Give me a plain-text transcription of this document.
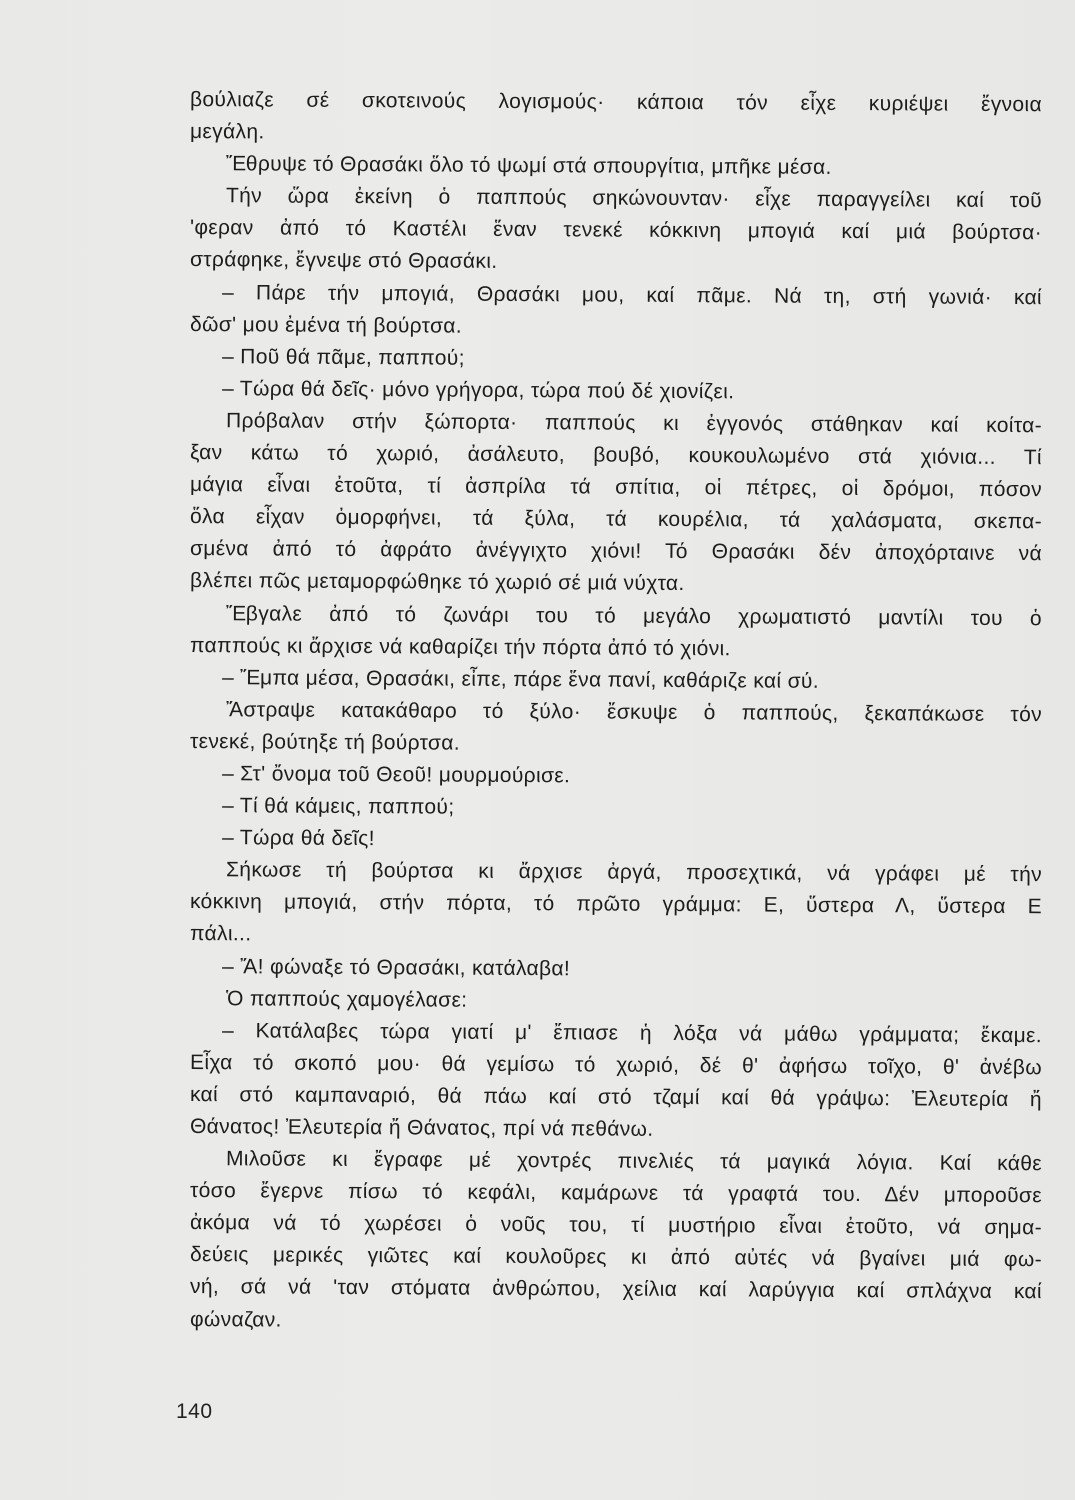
βούλιαζε σέ σκοτεινούς λογισμούς· κάποια τόν εἶχε κυριέψει ἔγνοια
μεγάλη.
Ἔθρυψε τό Θρασάκι ὅλο τό ψωμί στά σπουργίτια, μπῆκε μέσα.
Τήν ὥρα ἐκείνη ὁ παππούς σηκώνουνταν· εἶχε παραγγείλει καί τοῦ
'φεραν ἀπό τό Καστέλι ἕναν τενεκέ κόκκινη μπογιά καί μιά βούρτσα·
στράφηκε, ἔγνεψε στό Θρασάκι.
– Πάρε τήν μπογιά, Θρασάκι μου, καί πᾶμε. Νά τη, στή γωνιά· καί
δῶσ' μου ἐμένα τή βούρτσα.
– Ποῦ θά πᾶμε, παππού;
– Τώρα θά δεῖς· μόνο γρήγορα, τώρα πού δέ χιονίζει.
Πρόβαλαν στήν ξώπορτα· παππούς κι ἐγγονός στάθηκαν καί κοίτα-
ξαν κάτω τό χωριό, ἀσάλευτο, βουβό, κουκουλωμένο στά χιόνια... Τί
μάγια εἶναι ἐτοῦτα, τί ἀσπρίλα τά σπίτια, οἱ πέτρες, οἱ δρόμοι, πόσον
ὅλα εἶχαν ὀμορφήνει, τά ξύλα, τά κουρέλια, τά χαλάσματα, σκεπα-
σμένα ἀπό τό ἀφράτο ἀνέγγιχτο χιόνι! Τό Θρασάκι δέν ἀποχόρταινε νά
βλέπει πῶς μεταμορφώθηκε τό χωριό σέ μιά νύχτα.
Ἔβγαλε ἀπό τό ζωνάρι του τό μεγάλο χρωματιστό μαντίλι του ὁ
παππούς κι ἄρχισε νά καθαρίζει τήν πόρτα ἀπό τό χιόνι.
– Ἔμπα μέσα, Θρασάκι, εἶπε, πάρε ἕνα πανί, καθάριζε καί σύ.
Ἄστραψε κατακάθαρο τό ξύλο· ἔσκυψε ὁ παππούς, ξεκαπάκωσε τόν
τενεκέ, βούτηξε τή βούρτσα.
– Στ' ὄνομα τοῦ Θεοῦ! μουρμούρισε.
– Τί θά κάμεις, παππού;
– Τώρα θά δεῖς!
Σήκωσε τή βούρτσα κι ἄρχισε ἀργά, προσεχτικά, νά γράφει μέ τήν
κόκκινη μπογιά, στήν πόρτα, τό πρῶτο γράμμα: Ε, ὕστερα Λ, ὕστερα Ε
πάλι...
– Ἄ! φώναξε τό Θρασάκι, κατάλαβα!
Ὁ παππούς χαμογέλασε:
– Κατάλαβες τώρα γιατί μ' ἔπιασε ἡ λόξα νά μάθω γράμματα; ἔκαμε.
Εἶχα τό σκοπό μου· θά γεμίσω τό χωριό, δέ θ' ἀφήσω τοῖχο, θ' ἀνέβω
καί στό καμπαναριό, θά πάω καί στό τζαμί καί θά γράψω: Ἐλευτερία ἤ
Θάνατος! Ἐλευτερία ἤ Θάνατος, πρί νά πεθάνω.
Μιλοῦσε κι ἔγραφε μέ χοντρές πινελιές τά μαγικά λόγια. Καί κάθε
τόσο ἔγερνε πίσω τό κεφάλι, καμάρωνε τά γραφτά του. Δέν μποροῦσε
ἀκόμα νά τό χωρέσει ὁ νοῦς του, τί μυστήριο εἶναι ἐτοῦτο, νά σημα-
δεύεις μερικές γιῶτες καί κουλοῦρες κι ἀπό αὐτές νά βγαίνει μιά φω-
νή, σά νά 'ταν στόματα ἀνθρώπου, χείλια καί λαρύγγια καί σπλάχνα καί
φώναζαν.
140
